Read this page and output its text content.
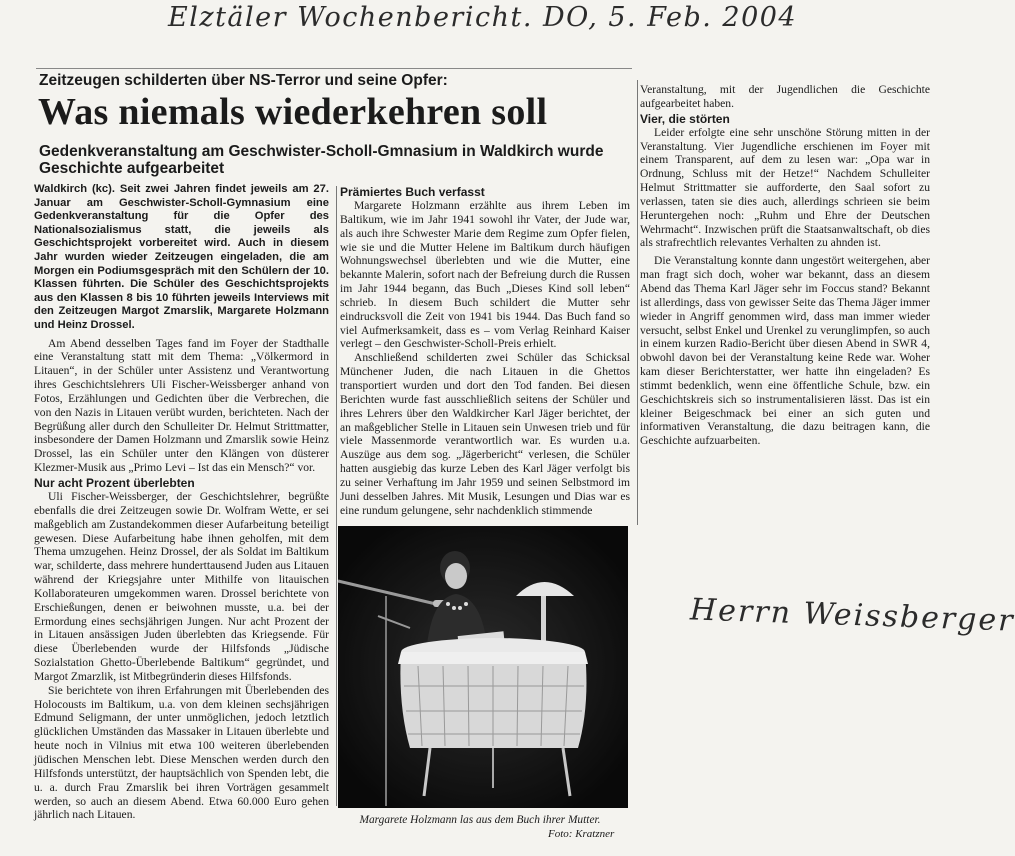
Elztäler Wochenbericht. DO, 5. Feb. 2004
Zeitzeugen schilderten über NS-Terror und seine Opfer:
Was niemals wiederkehren soll
Gedenkveranstaltung am Geschwister-Scholl-Gmnasium in Waldkirch wurde Geschichte aufgearbeitet

Waldkirch (kc). Seit zwei Jahren findet jeweils am 27. Januar am Geschwister-Scholl-Gymnasium eine Gedenkveranstaltung für die Opfer des Nationalsozialismus statt, die jeweils als Geschichtsprojekt vorbereitet wird. Auch in diesem Jahr wurden wieder Zeitzeugen eingeladen, die am Morgen ein Podiumsgespräch mit den Schülern der 10. Klassen führten. Die Schüler des Geschichtsprojekts aus den Klassen 8 bis 10 führten jeweils Interviews mit den Zeitzeugen Margot Zmarslik, Margarete Holzmann und Heinz Drossel.

Am Abend desselben Tages fand im Foyer der Stadthalle eine Veranstaltung statt mit dem Thema: „Völkermord in Litauen“, in der Schüler unter Assistenz und Verantwortung ihres Geschichtslehrers Uli Fischer-Weissberger anhand von Fotos, Erzählungen und Gedichten über die Verbrechen, die von den Nazis in Litauen verübt wurden, berichteten. Nach der Begrüßung aller durch den Schulleiter Dr. Helmut Strittmatter, insbesondere der Damen Holzmann und Zmarslik sowie Heinz Drossel, las ein Schüler unter den Klängen von düsterer Klezmer-Musik aus „Primo Levi – Ist das ein Mensch?“ vor.

Nur acht Prozent überlebten

Uli Fischer-Weissberger, der Geschichtslehrer, begrüßte ebenfalls die drei Zeitzeugen sowie Dr. Wolfram Wette, er sei maßgeblich am Zustandekommen dieser Aufarbeitung beteiligt gewesen. Diese Aufarbeitung habe ihnen geholfen, mit dem Thema umzugehen. Heinz Drossel, der als Soldat im Baltikum war, schilderte, dass mehrere hunderttausend Juden aus Litauen während der Kriegsjahre unter Mithilfe von litauischen Kollaborateuren umgekommen waren. Drossel berichtete von Erschießungen, denen er beiwohnen musste, u.a. bei der Ermordung eines sechsjährigen Jungen. Nur acht Prozent der in Litauen ansässigen Juden überlebten das Kriegsende. Für diese Überlebenden wurde der Hilfsfonds „Jüdische Sozialstation Ghetto-Überlebende Baltikum“ gegründet, und Margot Zmarzlik, ist Mitbegründerin dieses Hilfsfonds.

Sie berichtete von ihren Erfahrungen mit Überlebenden des Holocousts im Baltikum, u.a. von dem kleinen sechsjährigen Edmund Seligmann, der unter unmöglichen, jedoch letztlich glücklichen Umständen das Massaker in Litauen überlebte und heute noch in Vilnius mit etwa 100 weiteren überlebenden jüdischen Menschen lebt. Diese Menschen werden durch den Hilfsfonds unterstützt, der hauptsächlich von Spenden lebt, die u. a. durch Frau Zmarslik bei ihren Vorträgen gesammelt werden, so auch an diesem Abend. Etwa 60.000 Euro gehen jährlich nach Litauen.

Prämiertes Buch verfasst

Margarete Holzmann erzählte aus ihrem Leben im Baltikum, wie im Jahr 1941 sowohl ihr Vater, der Jude war, als auch ihre Schwester Marie dem Regime zum Opfer fielen, wie sie und die Mutter Helene im Baltikum durch häufigen Wohnungswechsel überlebten und wie die Mutter, eine bekannte Malerin, sofort nach der Befreiung durch die Russen im Jahr 1944 begann, das Buch „Dieses Kind soll leben“ schrieb. In diesem Buch schildert die Mutter sehr eindrucksvoll die Zeit von 1941 bis 1944. Das Buch fand so viel Aufmerksamkeit, dass es – vom Verlag Reinhard Kaiser verlegt – den Geschwister-Scholl-Preis erhielt.

Anschließend schilderten zwei Schüler das Schicksal Münchener Juden, die nach Litauen in die Ghettos transportiert wurden und dort den Tod fanden. Bei diesen Berichten wurde fast ausschließlich seitens der Schüler und ihres Lehrers über den Waldkircher Karl Jäger berichtet, der an maßgeblicher Stelle in Litauen sein Unwesen trieb und für viele Massenmorde verantwortlich war. Es wurden u.a. Auszüge aus dem sog. „Jägerbericht“ verlesen, die Schüler hatten ausgiebig das kurze Leben des Karl Jäger verfolgt bis zu seiner Verhaftung im Jahr 1959 und seinen Selbstmord im Juni desselben Jahres. Mit Musik, Lesungen und Dias war es eine rundum gelungene, sehr nachdenklich stimmende

Margarete Holzmann las aus dem Buch ihrer Mutter.
Foto: Kratzner

Veranstaltung, mit der Jugendlichen die Geschichte aufgearbeitet haben.

Vier, die störten

Leider erfolgte eine sehr unschöne Störung mitten in der Veranstaltung. Vier Jugendliche erschienen im Foyer mit einem Transparent, auf dem zu lesen war: „Opa war in Ordnung, Schluss mit der Hetze!“ Nachdem Schulleiter Helmut Strittmatter sie aufforderte, den Saal sofort zu verlassen, taten sie dies auch, allerdings schrieen sie beim Heruntergehen noch: „Ruhm und Ehre der Deutschen Wehrmacht“. Inzwischen prüft die Staatsanwaltschaft, ob dies als strafrechtlich relevantes Verhalten zu ahnden ist.

Die Veranstaltung konnte dann ungestört weitergehen, aber man fragt sich doch, woher war bekannt, dass an diesem Abend das Thema Karl Jäger sehr im Foccus stand? Bekannt ist allerdings, dass von gewisser Seite das Thema Jäger immer wieder in Angriff genommen wird, dass man immer wieder versucht, selbst Enkel und Urenkel zu verunglimpfen, so auch in einem kurzen Radio-Bericht über diesen Abend in SWR 4, obwohl davon bei der Veranstaltung keine Rede war. Woher kam dieser Berichterstatter, wer hatte ihn eingeladen? Es stimmt bedenklich, wenn eine öffentliche Schule, bzw. ein Geschichtskreis sich so instrumentalisieren lässt. Das ist ein kleiner Beigeschmack bei einer an sich guten und informativen Veranstaltung, die dazu beitragen kann, die Geschichte aufzuarbeiten.

Herrn Weissberger
